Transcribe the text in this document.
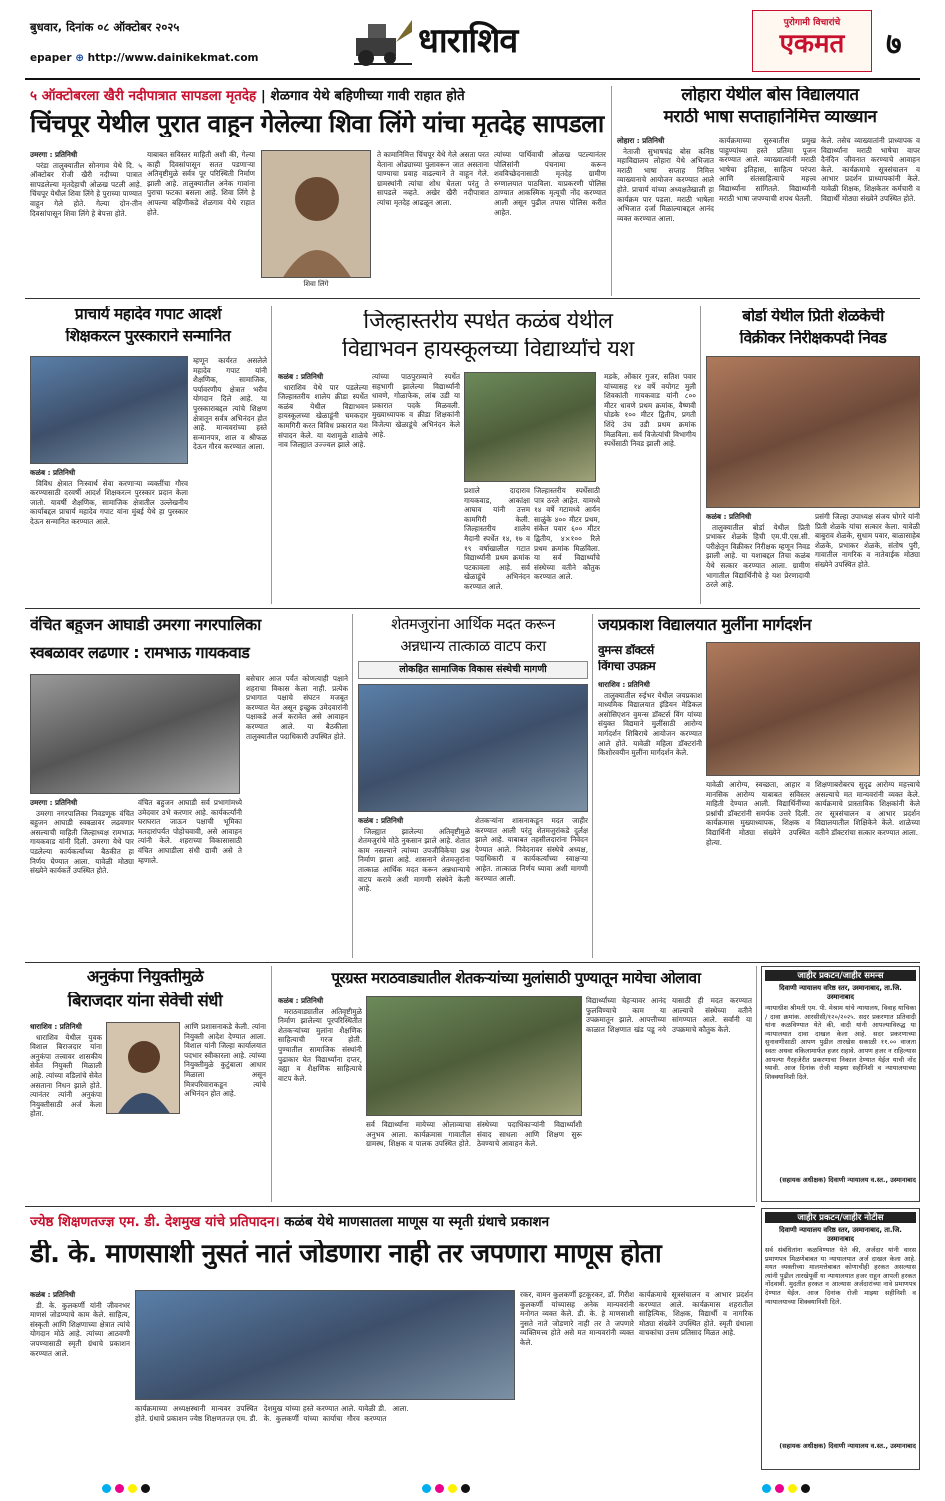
बुधवार, दिनांक ०८ ऑक्टोबर २०२५
epaper ⊕ http://www.dainikekmat.com	धाराशिव	पुरोगामी विचारांचे
एकमत	७
५ ऑक्टोबरला खैरी नदीपात्रात सापडला मृतदेह | शेळगाव येथे बहिणीच्या गावी राहात होते
चिंचपूर येथील पुरात वाहून गेलेल्या शिवा लिंगे यांचा मृतदेह सापडला
उमरगा : प्रतिनिधी

परंडा तालुक्यातील सोनगाव येथे दि. ५ ऑक्टोबर रोजी खैरी नदीच्या पात्रात सापडलेल्या मृतदेहाची ओळख पटली आहे. चिंचपूर येथील शिवा लिंगे हे पुराच्या पाण्यात वाहून गेले होते. गेल्या दोन-तीन दिवसांपासून शिवा लिंगे हे बेपत्ता होते.

याबाबत सविस्तर माहिती अशी की, गेल्या काही दिवसांपासून सतत पडणाऱ्या अतिवृष्टीमुळे सर्वत्र पूर परिस्थिती निर्माण झाली आहे. तालुक्यातील अनेक गावांना पुराचा फटका बसला आहे. शिवा लिंगे हे आपल्या बहिणीकडे शेळगाव येथे राहात होते.
शिवा लिंगे
ते कामानिमित्त चिंचपूर येथे गेले असता परत येताना ओढ्याच्या पुलावरून जात असताना पाण्याचा प्रवाह वाढल्याने ते वाहून गेले. ग्रामस्थांनी त्यांचा शोध घेतला परंतु ते सापडले नव्हते. अखेर खैरी नदीपात्रात त्यांचा मृतदेह आढळून आला.
त्यांच्या पार्थिवाची ओळख पटल्यानंतर पोलिसांनी पंचनामा करून शवविच्छेदनासाठी मृतदेह ग्रामीण रुग्णालयात पाठविला. याप्रकरणी पोलिस ठाण्यात आकस्मिक मृत्यूची नोंद करण्यात आली असून पुढील तपास पोलिस करीत आहेत.
लोहारा येथील बोस विद्यालयात
मराठी भाषा सप्ताहानिमित्त व्याख्यान
लोहारा : प्रतिनिधी

नेताजी सुभाषचंद्र बोस कनिष्ठ महाविद्यालय लोहारा येथे अभिजात मराठी भाषा सप्ताह निमित्त व्याख्यानाचे आयोजन करण्यात आले होते. प्राचार्य यांच्या अध्यक्षतेखाली हा कार्यक्रम पार पडला. मराठी भाषेला अभिजात दर्जा मिळाल्याबद्दल आनंद व्यक्त करण्यात आला.

कार्यक्रमाच्या सुरुवातीस प्रमुख पाहुण्यांच्या हस्ते प्रतिमा पूजन करण्यात आले. व्याख्यात्यांनी मराठी भाषेचा इतिहास, साहित्य परंपरा आणि संतसाहित्याचे महत्त्व विद्यार्थ्यांना सांगितले. विद्यार्थ्यांनी मराठी भाषा जपण्याची शपथ घेतली.
केले. तसेच व्याख्यातांनी प्राध्यापक व विद्यार्थ्यांना मराठी भाषेचा वापर दैनंदिन जीवनात करण्याचे आवाहन केले. कार्यक्रमाचे सूत्रसंचालन व आभार प्रदर्शन प्राध्यापकांनी केले. यावेळी शिक्षक, शिक्षकेतर कर्मचारी व विद्यार्थी मोठ्या संख्येने उपस्थित होते.
प्राचार्य महादेव गपाट आदर्श
शिक्षकरत्न पुरस्काराने सन्मानित
कळंब : प्रतिनिधी

विविध क्षेत्रात निःस्वार्थ सेवा करणाऱ्या व्यक्तींचा गौरव करण्यासाठी दरवर्षी आदर्श शिक्षकरत्न पुरस्कार प्रदान केला जातो. यावर्षी शैक्षणिक, सामाजिक क्षेत्रातील उल्लेखनीय कार्याबद्दल प्राचार्य महादेव गपाट यांना मुंबई येथे हा पुरस्कार देऊन सन्मानित करण्यात आले.

म्हणून कार्यरत असलेले महादेव गपाट यांनी शैक्षणिक, सामाजिक, पर्यावरणीय क्षेत्रात भरीव योगदान दिले आहे. या पुरस्काराबद्दल त्यांचे शिक्षण क्षेत्रातून सर्वत्र अभिनंदन होत आहे. मान्यवरांच्या हस्ते सन्मानपत्र, शाल व श्रीफळ देऊन गौरव करण्यात आला.
जिल्हास्तरीय स्पर्धेत कळंब येथील
विद्याभवन हायस्कूलच्या विद्यार्थ्यांचे यश
कळंब : प्रतिनिधी

धाराशिव येथे पार पडलेल्या जिल्हास्तरीय शालेय क्रीडा स्पर्धेत कळंब येथील विद्याभवन हायस्कूलच्या खेळाडूंनी चमकदार कामगिरी करत विविध प्रकारात यश संपादन केले. या यशामुळे शाळेचे नाव जिल्ह्यात उज्ज्वल झाले आहे.

त्यांच्या पाठपुराव्याने स्पर्धेत सहभागी झालेल्या विद्यार्थ्यांनी धावणे, गोळाफेक, लांब उडी या प्रकारात पदके मिळवली. मुख्याध्यापक व क्रीडा शिक्षकांनी विजेत्या खेळाडूंचे अभिनंदन केले आहे.
प्रशाले दादाराव गायकवाड, आकांक्षा आघाव यांनी उत्तम कामगिरी केली. जिल्हास्तरीय शालेय मैदानी स्पर्धेत १४, १७ व १९ वर्षाखालील गटात विद्यार्थ्यांनी प्रथम क्रमांक पटकावला आहे. सर्व खेळाडूंचे अभिनंदन करण्यात आले.
जिल्हास्तरीय स्पर्धेसाठी पात्र ठरले आहेत. यामध्ये १४ वर्षे गटामध्ये आर्यन साळुंके ४०० मीटर प्रथम, संकेत पवार ६०० मीटर द्वितीय, ४×१०० रिले प्रथम क्रमांक मिळविला. या सर्व विद्यार्थ्यांचे संस्थेच्या वतीने कौतुक करण्यात आले.
मडके, ओंकार गुजर, सतिश पवार यांच्यासह १४ वर्षे वयोगट मुली शिवकांती गायकवाड यांनी ८०० मीटर धावणे प्रथम क्रमांक, वैष्णवी घोडके १०० मीटर द्वितीय, प्रगती शिंदे उंच उडी प्रथम क्रमांक मिळविला. सर्व विजेत्यांची विभागीय स्पर्धेसाठी निवड झाली आहे.
बोर्डा येथील प्रिती शेळकेची
विक्रीकर निरीक्षकपदी निवड
कळंब : प्रतिनिधी

तालुक्यातील बोर्डा येथील प्रिती प्रभाकर शेळके हिची एम.पी.एस.सी. परीक्षेतून विक्रीकर निरीक्षक म्हणून निवड झाली आहे. या यशाबद्दल तिचा कळंब येथे सत्कार करण्यात आला. ग्रामीण भागातील विद्यार्थिनीचे हे यश प्रेरणादायी ठरले आहे.

प्रसंगी जिल्हा उपाध्यक्ष संजय घोगरे यांनी प्रिती शेळके यांचा सत्कार केला. यावेळी बाबुराव शेळके, सुधाम पवार, बाळासाहेब शेळके, प्रभाकर शेळके, संतोष पुरी, गावातील नागरिक व नातेवाईक मोठ्या संख्येने उपस्थित होते.
वंचित बहुजन आघाडी उमरगा नगरपालिका
स्वबळावर लढणार : रामभाऊ गायकवाड
उमरगा : प्रतिनिधी

उमरगा नगरपालिका निवडणूक वंचित बहुजन आघाडी स्वबळावर लढवणार असल्याची माहिती जिल्हाध्यक्ष रामभाऊ गायकवाड यांनी दिली. उमरगा येथे पार पडलेल्या कार्यकर्त्यांच्या बैठकीत हा निर्णय घेण्यात आला. यावेळी मोठ्या संख्येने कार्यकर्ते उपस्थित होते.

वंचित बहुजन आघाडी सर्व प्रभागांमध्ये उमेदवार उभे करणार आहे. कार्यकर्त्यांनी घराघरात जाऊन पक्षाची भूमिका मतदारांपर्यंत पोहोचवावी, असे आवाहन त्यांनी केले. शहराच्या विकासासाठी वंचित आघाडीला संधी द्यावी असे ते म्हणाले.
बसेचार आज पर्यंत कोणत्याही पक्षाने शहराचा विकास केला नाही. प्रत्येक प्रभागात पक्षाचे संघटन मजबूत करण्यात येत असून इच्छुक उमेदवारांनी पक्षाकडे अर्ज करावेत असे आवाहन करण्यात आले. या बैठकीला तालुक्यातील पदाधिकारी उपस्थित होते.
शेतमजुरांना आर्थिक मदत करून
अन्नधान्य तात्काळ वाटप करा
लोकहित सामाजिक विकास संस्थेची मागणी
कळंब : प्रतिनिधी

जिल्ह्यात झालेल्या अतिवृष्टीमुळे शेतमजुरांचे मोठे नुकसान झाले आहे. शेतात काम नसल्याने त्यांच्या उपजीविकेचा प्रश्न निर्माण झाला आहे. शासनाने शेतमजुरांना तात्काळ आर्थिक मदत करून अन्नधान्याचे वाटप करावे अशी मागणी संस्थेने केली आहे.

शेतकऱ्यांना शासनाकडून मदत जाहीर करण्यात आली परंतु शेतमजुरांकडे दुर्लक्ष झाले आहे. याबाबत तहसीलदारांना निवेदन देण्यात आले. निवेदनावर संस्थेचे अध्यक्ष, पदाधिकारी व कार्यकर्त्यांच्या स्वाक्षऱ्या आहेत. तात्काळ निर्णय घ्यावा अशी मागणी करण्यात आली.
जयप्रकाश विद्यालयात मुलींना मार्गदर्शन
वुमन्स डॉक्टर्स
विंगचा उपक्रम
धाराशिव : प्रतिनिधी

तालुक्यातील रुईभर येथील जयप्रकाश माध्यमिक विद्यालयात इंडियन मेडिकल असोसिएशन वुमन्स डॉक्टर्स विंग यांच्या संयुक्त विद्यमाने मुलींसाठी आरोग्य मार्गदर्शन शिबिराचे आयोजन करण्यात आले होते. यावेळी महिला डॉक्टरांनी किशोरवयीन मुलींना मार्गदर्शन केले.

यावेळी आरोग्य, स्वच्छता, आहार व मानसिक आरोग्य याबाबत सविस्तर माहिती देण्यात आली. विद्यार्थिनींच्या प्रश्नांची डॉक्टरांनी समर्पक उत्तरे दिली. कार्यक्रमास मुख्याध्यापक, शिक्षक व विद्यार्थिनी मोठ्या संख्येने उपस्थित होत्या.
शिक्षणाबरोबरच सुदृढ आरोग्य महत्त्वाचे असल्याचे मत मान्यवरांनी व्यक्त केले. कार्यक्रमाचे प्रास्ताविक शिक्षकांनी केले तर सूत्रसंचालन व आभार प्रदर्शन विद्यालयातील शिक्षिकेने केले. शाळेच्या वतीने डॉक्टरांचा सत्कार करण्यात आला.
अनुकंपा नियुक्तीमुळे
बिराजदार यांना सेवेची संधी
धाराशिव : प्रतिनिधी

धाराशिव येथील युवक विशाल बिराजदार यांना अनुकंपा तत्त्वावर शासकीय सेवेत नियुक्ती मिळाली आहे. त्यांच्या वडिलांचे सेवेत असताना निधन झाले होते. त्यानंतर त्यांनी अनुकंपा नियुक्तीसाठी अर्ज केला होता.

आणि प्रशासनाकडे केली. त्यांना नियुक्ती आदेश देण्यात आला. विशाल यांनी जिल्हा कार्यालयात पदभार स्वीकारला आहे. त्यांच्या नियुक्तीमुळे कुटुंबाला आधार मिळाला असून मित्रपरिवाराकडून त्यांचे अभिनंदन होत आहे.
पूरग्रस्त मराठवाड्यातील शेतकऱ्यांच्या मुलांसाठी पुण्यातून मायेचा ओलावा
कळंब : प्रतिनिधी

मराठवाड्यातील अतिवृष्टीमुळे निर्माण झालेल्या पूरपरिस्थितीत शेतकऱ्यांच्या मुलांना शैक्षणिक साहित्याची गरज होती. पुण्यातील सामाजिक संस्थांनी पुढाकार घेत विद्यार्थ्यांना दप्तर, वह्या व शैक्षणिक साहित्याचे वाटप केले.

सर्व विद्यार्थ्यांना मायेच्या ओलाव्याचा अनुभव आला. कार्यक्रमास गावातील ग्रामस्थ, शिक्षक व पालक उपस्थित होते. संस्थेच्या पदाधिकाऱ्यांनी विद्यार्थ्यांशी संवाद साधला आणि शिक्षण सुरू ठेवण्याचे आवाहन केले.
विद्यार्थ्यांच्या चेहऱ्यावर आनंद फुलविण्याचे काम या उपक्रमातून झाले. आपत्तीच्या काळात शिक्षणात खंड पडू नये यासाठी ही मदत करण्यात आल्याचे संस्थेच्या वतीने सांगण्यात आले. सर्वांनी या उपक्रमाचे कौतुक केले.
जाहीर प्रकटन/जाहीर समन्स
दिवाणी न्यायालय वरिष्ठ स्तर, उस्मानाबाद, ता.जि. उस्मानाबाद
न्यायाधीश श्रीमती एम. पी. मेश्राम यांचे न्यायालय, विवाह याचिका / दावा क्रमांक. आरसीसी/१२०/२०२५. सदर प्रकरणात प्रतिवादी यांना कळविण्यात येते की, वादी यांनी आपल्याविरुद्ध या न्यायालयात दावा दाखल केला आहे. सदर प्रकरणाच्या सुनावणीसाठी आपण पुढील तारखेस सकाळी ११.०० वाजता स्वतः अथवा वकिलामार्फत हजर राहावे. आपण हजर न राहिल्यास आपल्या गैरहजेरीत प्रकरणाचा निकाल देण्यात येईल याची नोंद घ्यावी. आज दिनांक रोजी माझ्या सहीनिशी व न्यायालयाच्या शिक्क्यानिशी दिले.
(सहायक अधीक्षक) दिवाणी न्यायालय व.स्त., उस्मानाबाद
ज्येष्ठ शिक्षणतज्ज्ञ एम. डी. देशमुख यांचे प्रतिपादन। कळंब येथे माणसातला माणूस या स्मृती ग्रंथाचे प्रकाशन
डी. के. माणसाशी नुसतं नातं जोडणारा नाही तर जपणारा माणूस होता
कळंब : प्रतिनिधी

डी. के. कुलकर्णी यांनी जीवनभर माणसं जोडण्याचे काम केले. साहित्य, संस्कृती आणि शिक्षणाच्या क्षेत्रात त्यांचे योगदान मोठे आहे. त्यांच्या आठवणी जपण्यासाठी स्मृती ग्रंथाचे प्रकाशन करण्यात आले.

कार्यक्रमाच्या अध्यक्षस्थानी मान्यवर उपस्थित होते. ग्रंथाचे प्रकाशन ज्येष्ठ शिक्षणतज्ज्ञ एम. डी. देशमुख यांच्या हस्ते करण्यात आले. यावेळी डी. के. कुलकर्णी यांच्या कार्याचा गौरव करण्यात आला.
रकर, वामन कुलकर्णी इटकूरकर, डॉ. गिरीश कुलकर्णी यांच्यासह अनेक मान्यवरांनी मनोगत व्यक्त केले. डी. के. हे माणसाशी नुसते नाते जोडणारे नाही तर ते जपणारे व्यक्तिमत्त्व होते असे मत मान्यवरांनी व्यक्त केले.
कार्यक्रमाचे सूत्रसंचालन व आभार प्रदर्शन करण्यात आले. कार्यक्रमास शहरातील साहित्यिक, शिक्षक, विद्यार्थी व नागरिक मोठ्या संख्येने उपस्थित होते. स्मृती ग्रंथाला वाचकांचा उत्तम प्रतिसाद मिळत आहे.
जाहीर प्रकटन/जाहीर नोटीस
दिवाणी न्यायालय वरिष्ठ स्तर, उस्मानाबाद, ता.जि. उस्मानाबाद
सर्व संबंधितांना कळविण्यात येते की, अर्जदार यांनी वारस प्रमाणपत्र मिळणेबाबत या न्यायालयात अर्ज दाखल केला आहे. मयत व्यक्तीच्या मालमत्तेबाबत कोणाचीही हरकत असल्यास त्यांनी पुढील तारखेपूर्वी या न्यायालयात हजर राहून आपली हरकत नोंदवावी. मुदतीत हरकत न आल्यास अर्जदारांच्या नावे प्रमाणपत्र देण्यात येईल. आज दिनांक रोजी माझ्या सहीनिशी व न्यायालयाच्या शिक्क्यानिशी दिले.
(सहायक अधीक्षक) दिवाणी न्यायालय व.स्त., उस्मानाबाद
